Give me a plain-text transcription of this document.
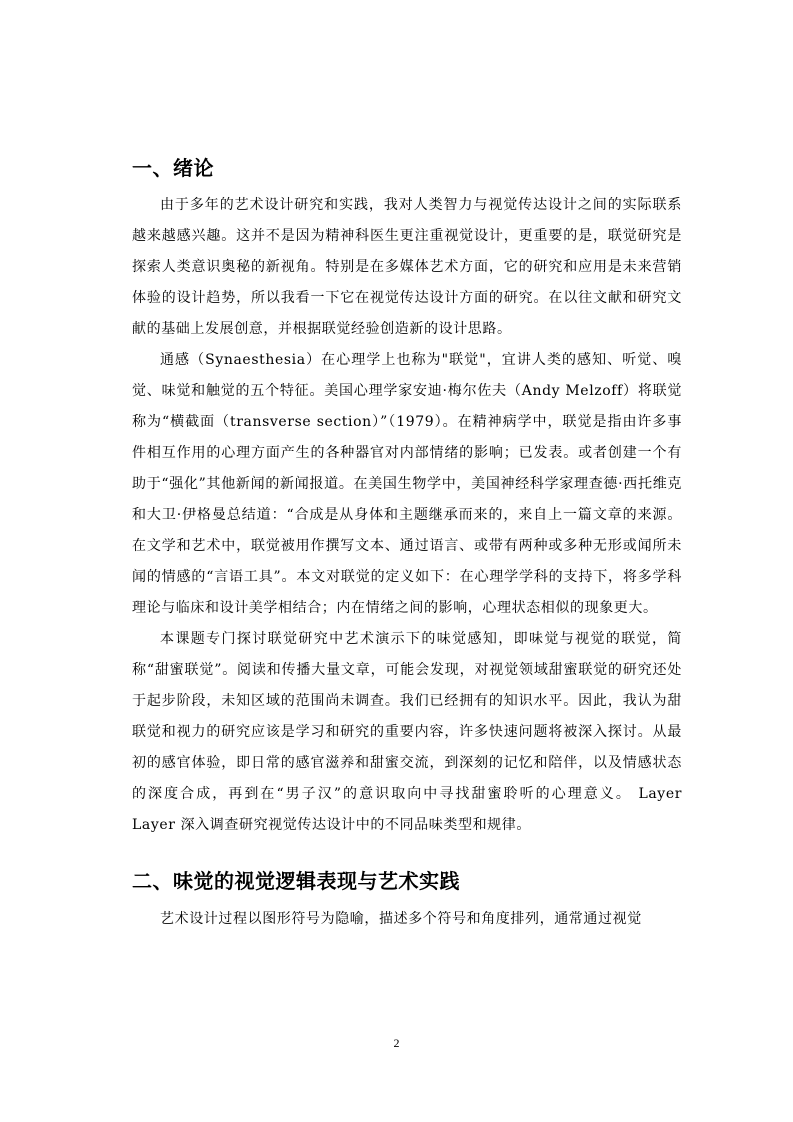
一、绪论

由于多年的艺术设计研究和实践，我对人类智力与视觉传达设计之间的实际联系越来越感兴趣。这并不是因为精神科医生更注重视觉设计，更重要的是，联觉研究是探索人类意识奥秘的新视角。特别是在多媒体艺术方面，它的研究和应用是未来营销体验的设计趋势，所以我看一下它在视觉传达设计方面的研究。在以往文献和研究文献的基础上发展创意，并根据联觉经验创造新的设计思路。

通感（Synaesthesia）在心理学上也称为"联觉"，宜讲人类的感知、听觉、嗅觉、味觉和触觉的五个特征。美国心理学家安迪·梅尔佐夫（Andy Melzoff）将联觉称为“横截面（transverse section）”（1979）。在精神病学中，联觉是指由许多事件相互作用的心理方面产生的各种器官对内部情绪的影响；已发表。或者创建一个有助于“强化”其他新闻的新闻报道。在美国生物学中，美国神经科学家理查德·西托维克和大卫·伊格曼总结道：“合成是从身体和主题继承而来的，来自上一篇文章的来源。在文学和艺术中，联觉被用作撰写文本、通过语言、或带有两种或多种无形或闻所未闻的情感的“言语工具”。本文对联觉的定义如下：在心理学学科的支持下，将多学科理论与临床和设计美学相结合；内在情绪之间的影响，心理状态相似的现象更大。

本课题专门探讨联觉研究中艺术演示下的味觉感知，即味觉与视觉的联觉，简称“甜蜜联觉”。阅读和传播大量文章，可能会发现，对视觉领域甜蜜联觉的研究还处于起步阶段，未知区域的范围尚未调查。我们已经拥有的知识水平。因此，我认为甜联觉和视力的研究应该是学习和研究的重要内容，许多快速问题将被深入探讨。从最初的感官体验，即日常的感官滋养和甜蜜交流，到深刻的记忆和陪伴，以及情感状态的深度合成，再到在“男子汉”的意识取向中寻找甜蜜聆听的心理意义。 Layer Layer 深入调查研究视觉传达设计中的不同品味类型和规律。

二、味觉的视觉逻辑表现与艺术实践

艺术设计过程以图形符号为隐喻，描述多个符号和角度排列，通常通过视觉

2
